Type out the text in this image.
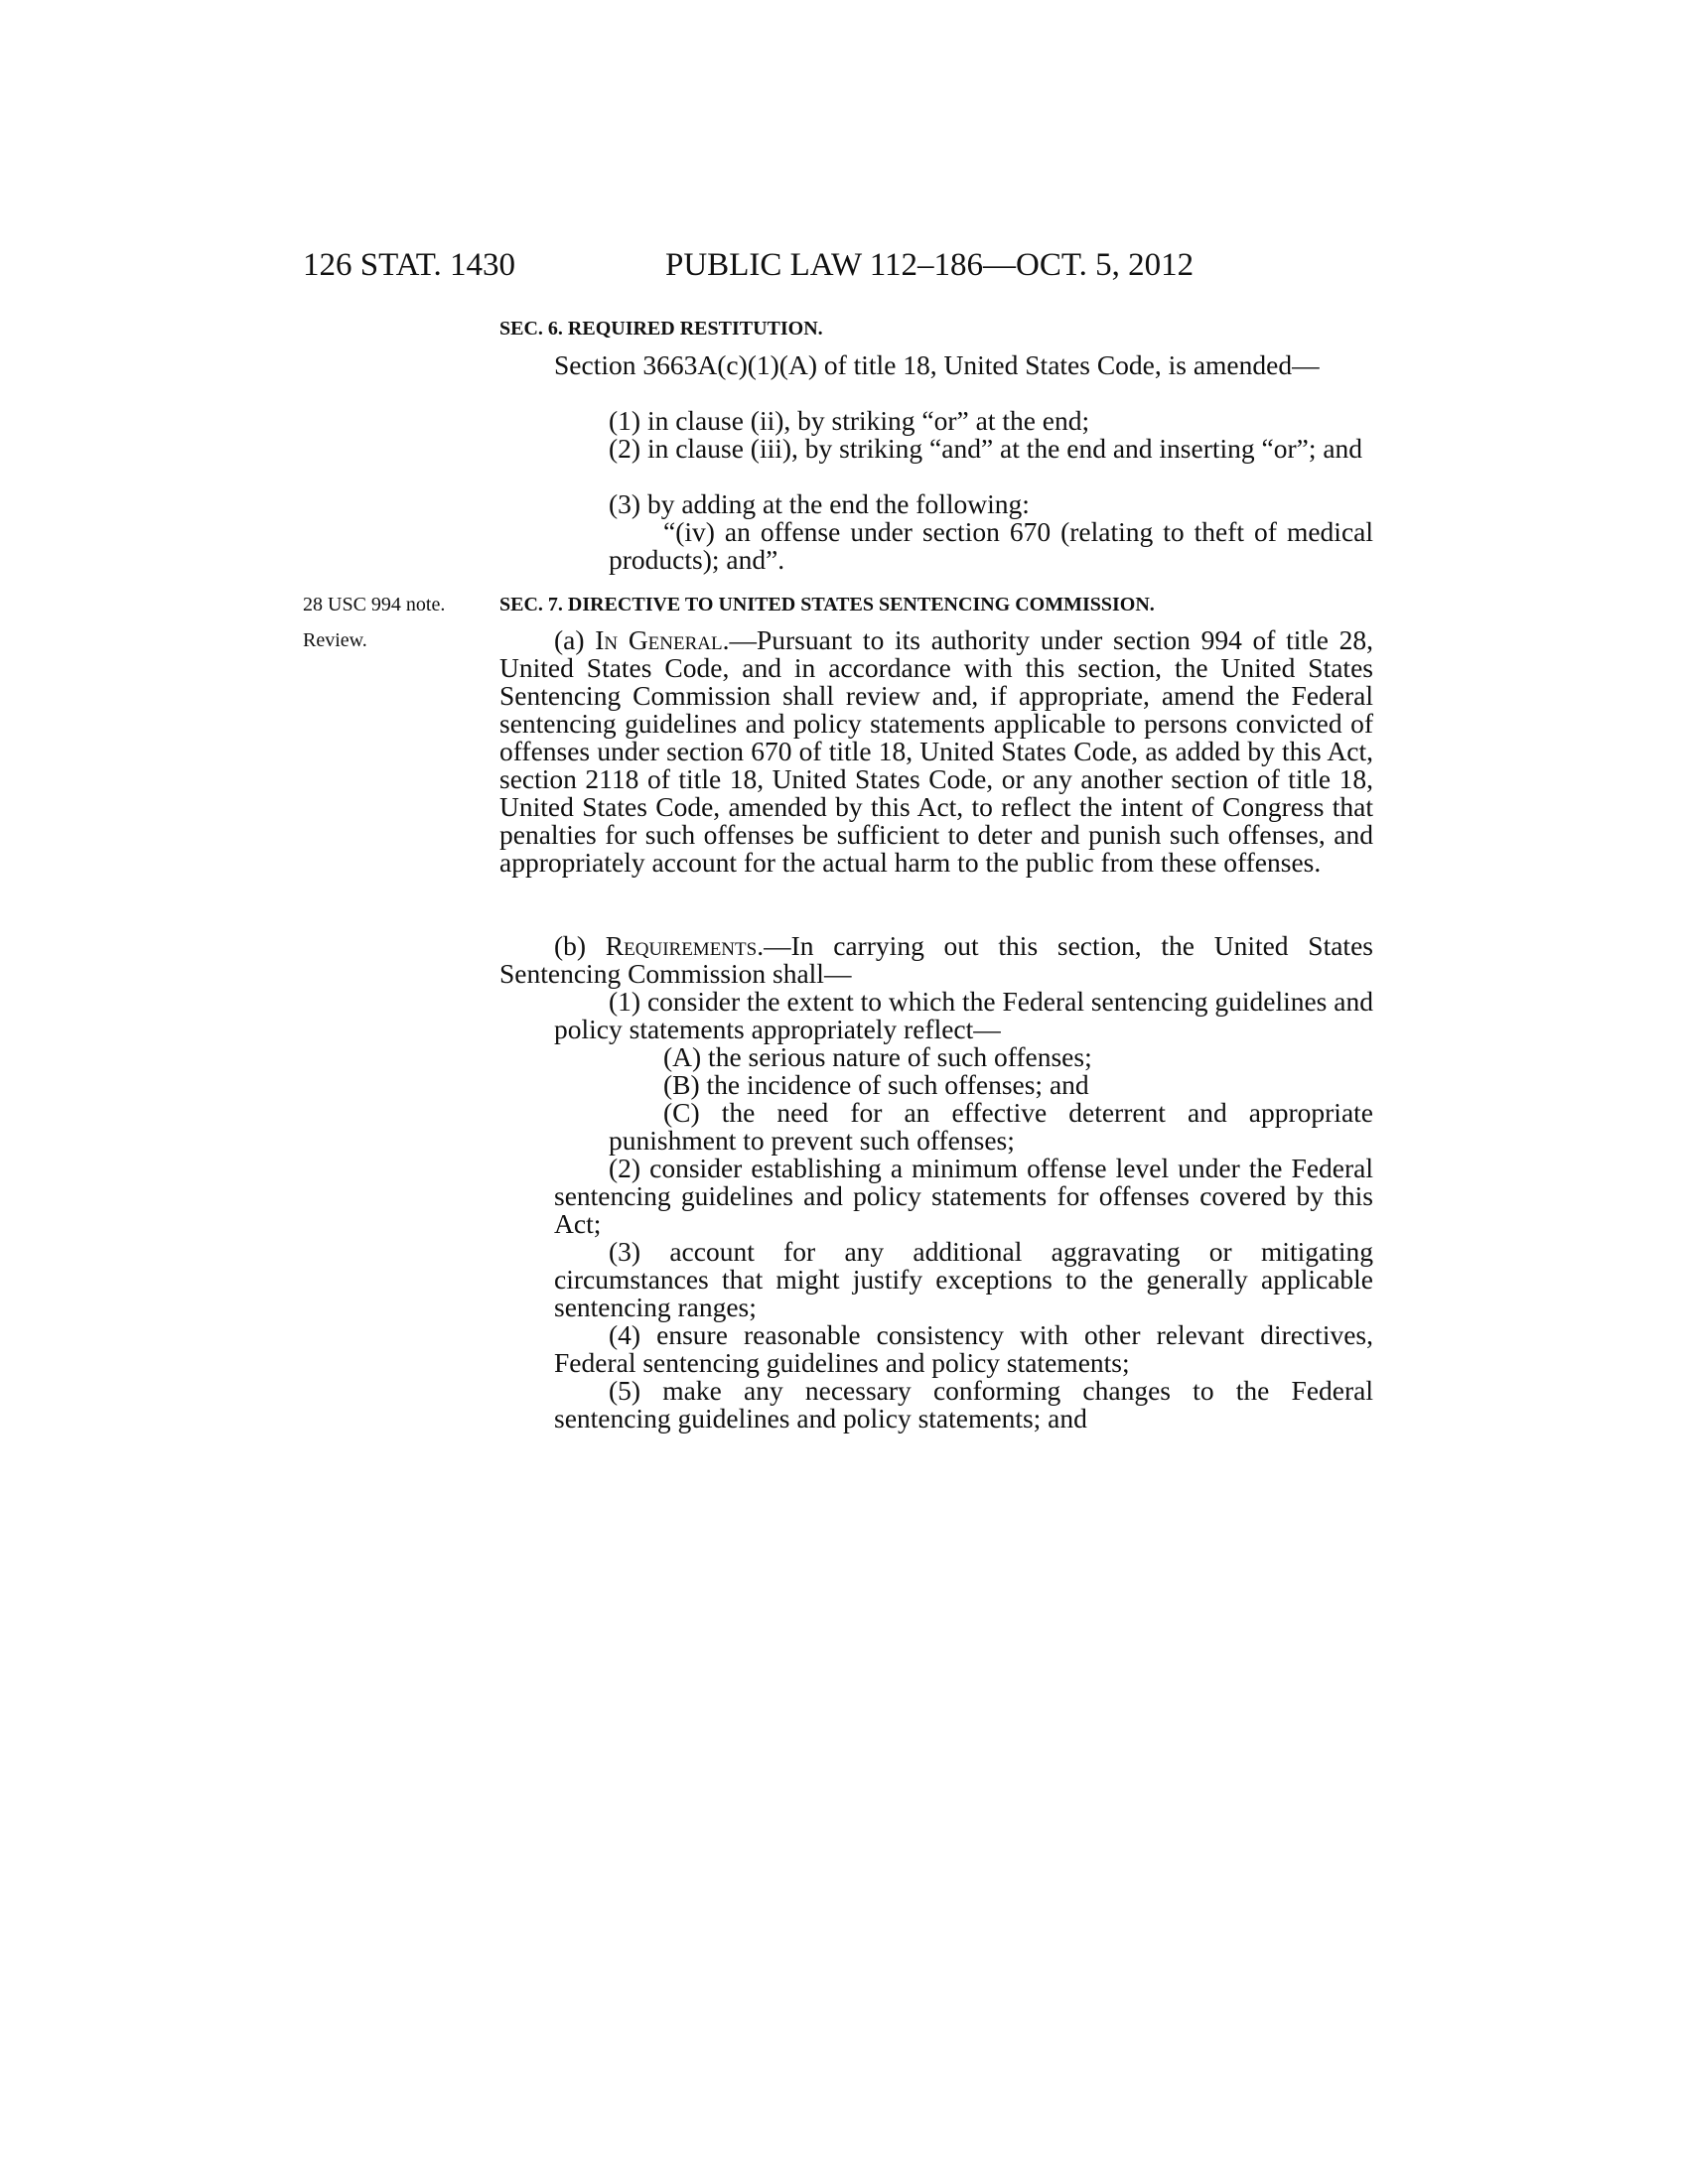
126 STAT. 1430	PUBLIC LAW 112–186—OCT. 5, 2012
SEC. 6. REQUIRED RESTITUTION.

Section 3663A(c)(1)(A) of title 18, United States Code, is amended—

(1) in clause (ii), by striking “or” at the end;

(2) in clause (iii), by striking “and” at the end and inserting “or”; and

(3) by adding at the end the following:

“(iv) an offense under section 670 (relating to theft of medical products); and”.

28 USC 994 note.
Review.
SEC. 7. DIRECTIVE TO UNITED STATES SENTENCING COMMISSION.

(a) In General.—Pursuant to its authority under section 994 of title 28, United States Code, and in accordance with this section, the United States Sentencing Commission shall review and, if appropriate, amend the Federal sentencing guidelines and policy statements applicable to persons convicted of offenses under section 670 of title 18, United States Code, as added by this Act, section 2118 of title 18, United States Code, or any another section of title 18, United States Code, amended by this Act, to reflect the intent of Congress that penalties for such offenses be sufficient to deter and punish such offenses, and appropriately account for the actual harm to the public from these offenses.

(b) Requirements.—In carrying out this section, the United States Sentencing Commission shall—

(1) consider the extent to which the Federal sentencing guidelines and policy statements appropriately reflect—

(A) the serious nature of such offenses;

(B) the incidence of such offenses; and

(C) the need for an effective deterrent and appropriate punishment to prevent such offenses;

(2) consider establishing a minimum offense level under the Federal sentencing guidelines and policy statements for offenses covered by this Act;

(3) account for any additional aggravating or mitigating circumstances that might justify exceptions to the generally applicable sentencing ranges;

(4) ensure reasonable consistency with other relevant directives, Federal sentencing guidelines and policy statements;

(5) make any necessary conforming changes to the Federal sentencing guidelines and policy statements; and
